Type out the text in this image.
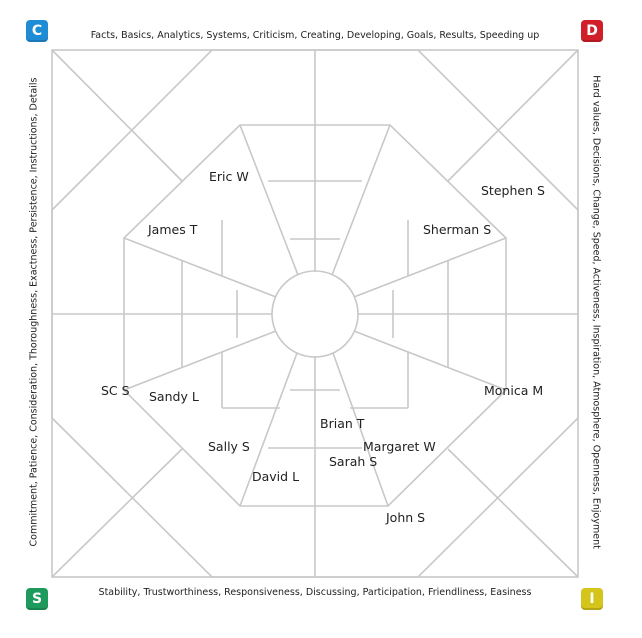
C	D
S	I
Facts, Basics, Analytics, Systems, Criticism, Creating, Developing, Goals, Results, Speeding up
Stability, Trustworthiness, Responsiveness, Discussing, Participation, Friendliness, Easiness
Commitment, Patience, Consideration, Thoroughness, Exactness, Persistence, Instructions, Details	Hard values, Decisions, Change, Speed, Activeness, Inspiration, Atmosphere, Openness, Enjoyment
Eric W
James T
Stephen S
Sherman S
SC S Sandy L	Monica M
Brian T
Sally S	Margaret W
Sarah S
David L
John S
